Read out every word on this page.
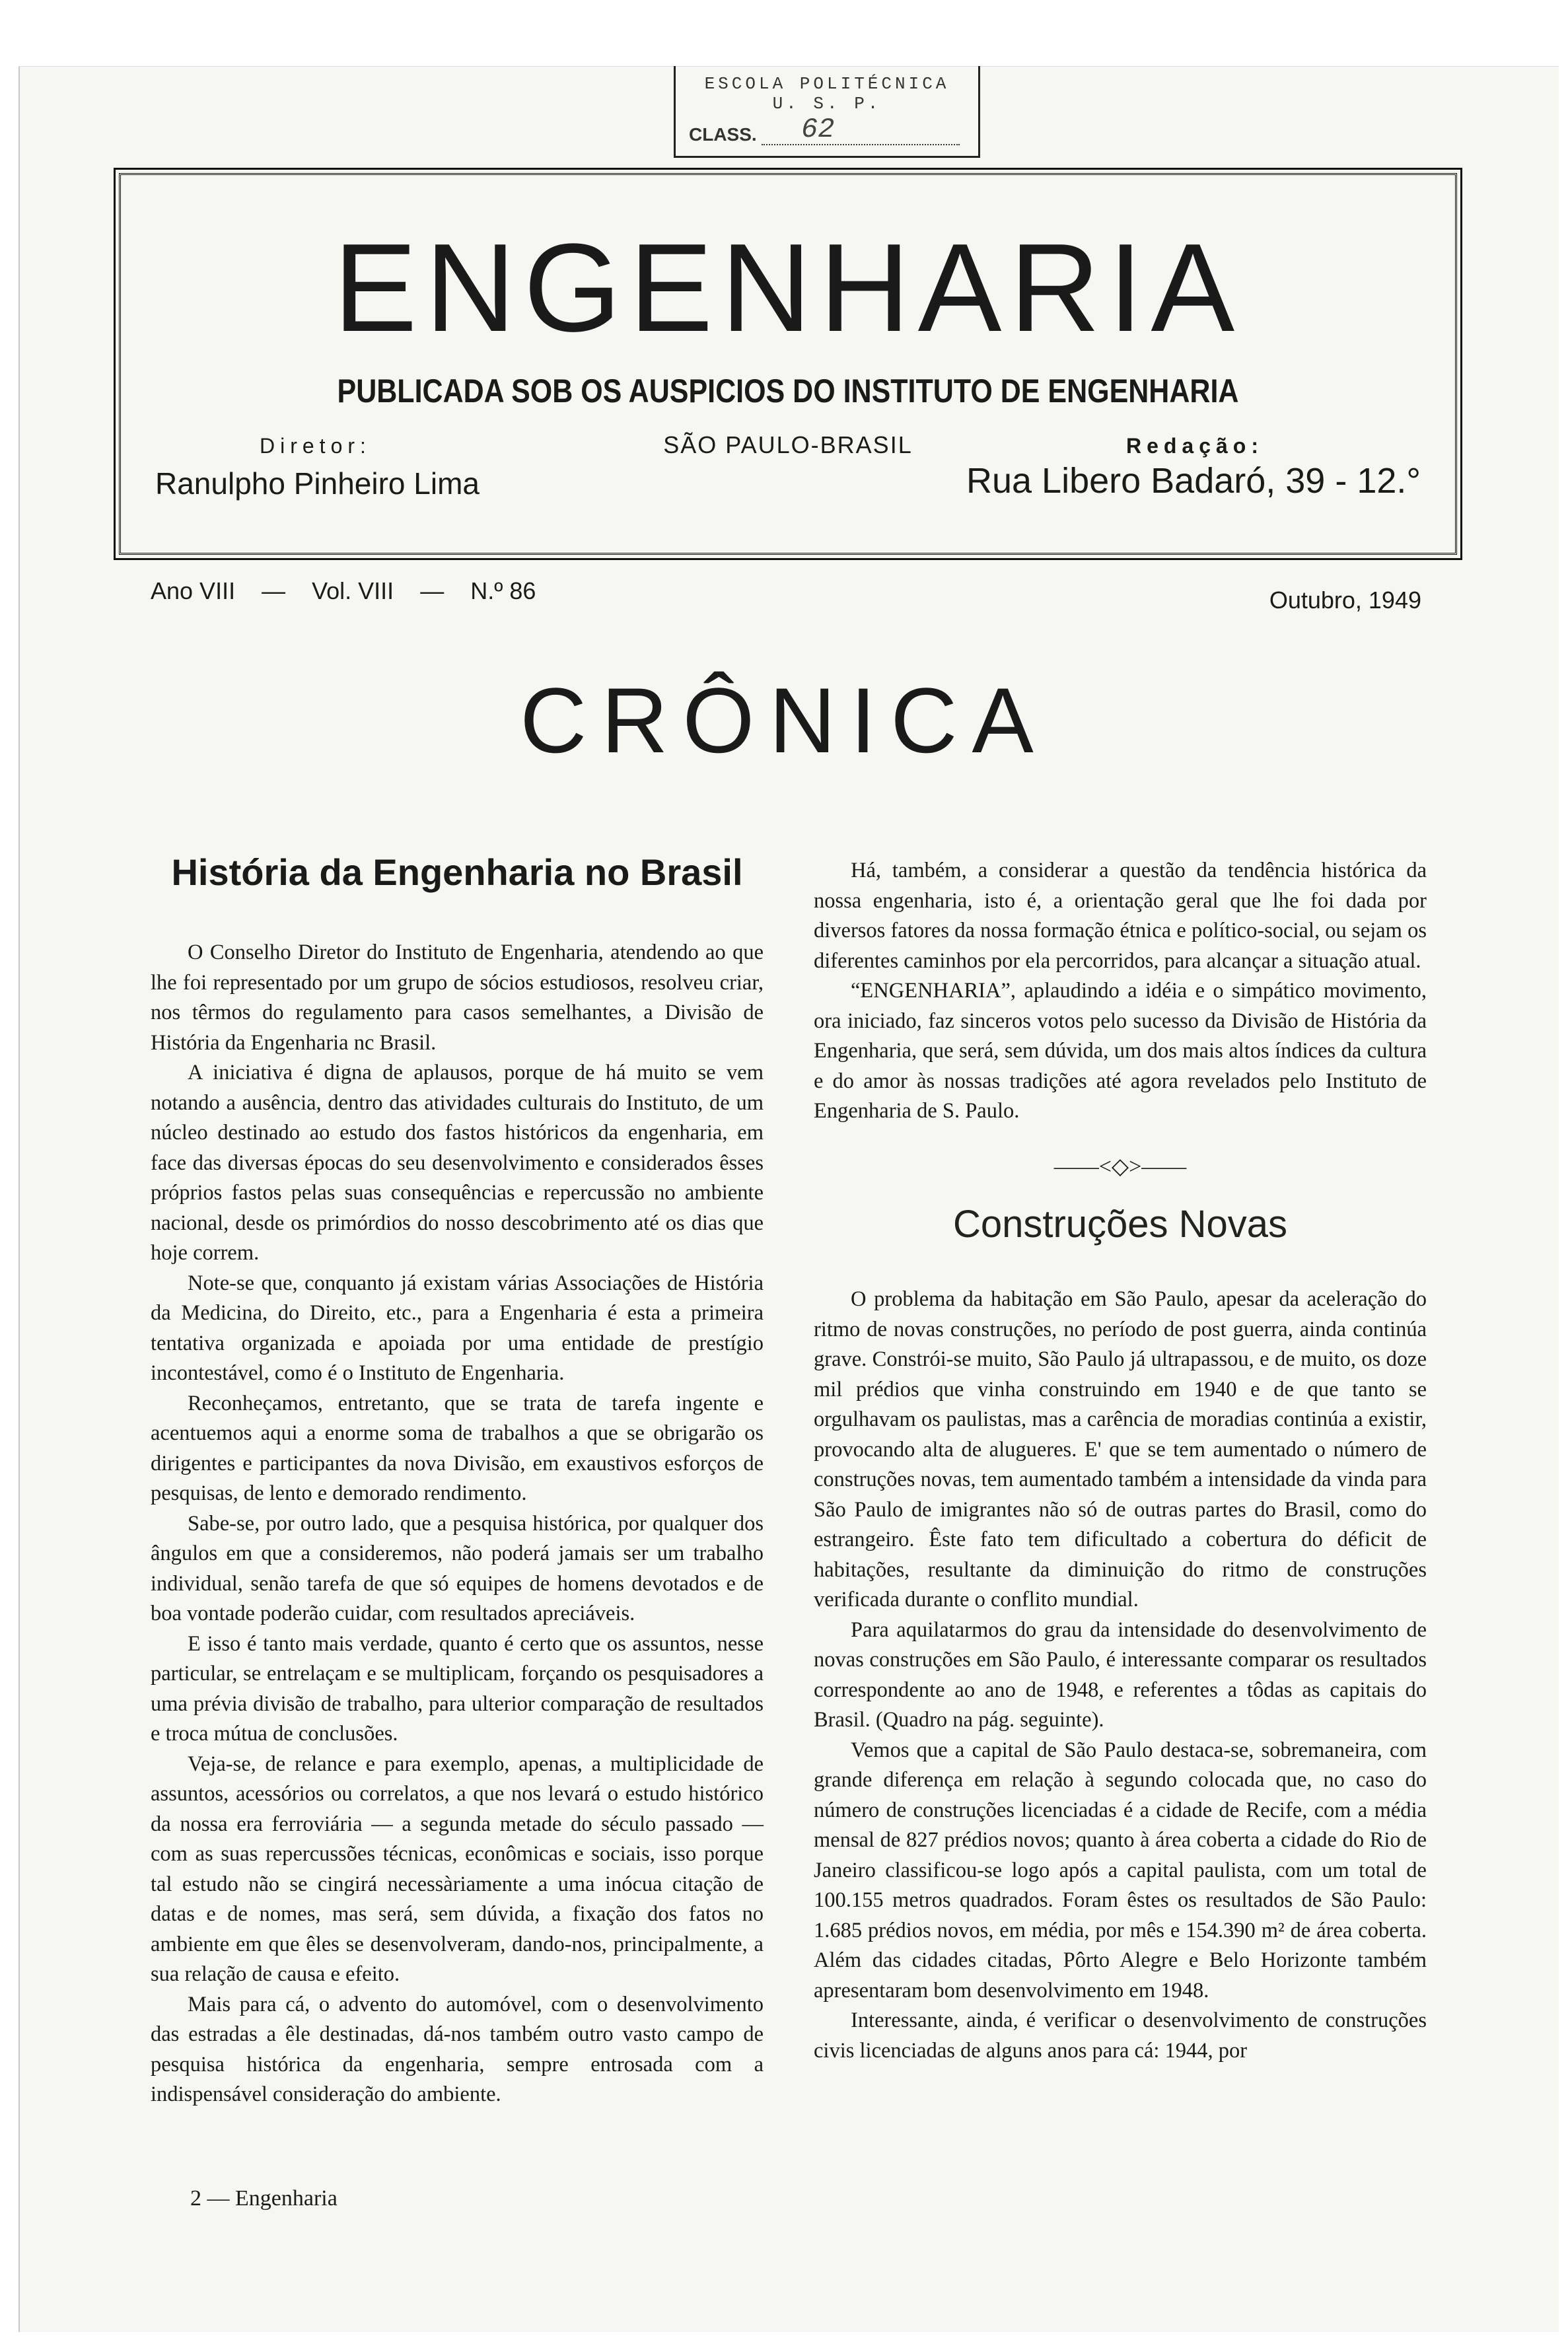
ESCOLA POLITÉCNICA
U. S. P.
CLASS. 62
ENGENHARIA
PUBLICADA SOB OS AUSPICIOS DO INSTITUTO DE ENGENHARIA
Diretor:	SÃO PAULO-BRASIL	Redação:
Ranulpho Pinheiro Lima	Rua Libero Badaró, 39 - 12.°
Ano VIII — Vol. VIII — N.º 86	Outubro, 1949
CRÔNICA
História da Engenharia no Brasil

O Conselho Diretor do Instituto de Engenharia, atendendo ao que lhe foi representado por um grupo de sócios estudiosos, resolveu criar, nos têrmos do regulamento para casos semelhantes, a Divisão de História da Engenharia nc Brasil.

A iniciativa é digna de aplausos, porque de há muito se vem notando a ausência, dentro das atividades culturais do Instituto, de um núcleo destinado ao estudo dos fastos históricos da engenharia, em face das diversas épocas do seu desenvolvimento e considerados êsses próprios fastos pelas suas consequências e repercussão no ambiente nacional, desde os primórdios do nosso descobrimento até os dias que hoje correm.

Note-se que, conquanto já existam várias Associações de História da Medicina, do Direito, etc., para a Engenharia é esta a primeira tentativa organizada e apoiada por uma entidade de prestígio incontestável, como é o Instituto de Engenharia.

Reconheçamos, entretanto, que se trata de tarefa ingente e acentuemos aqui a enorme soma de trabalhos a que se obrigarão os dirigentes e participantes da nova Divisão, em exaustivos esforços de pesquisas, de lento e demorado rendimento.

Sabe-se, por outro lado, que a pesquisa histórica, por qualquer dos ângulos em que a consideremos, não poderá jamais ser um trabalho individual, senão tarefa de que só equipes de homens devotados e de boa vontade poderão cuidar, com resultados apreciáveis.

E isso é tanto mais verdade, quanto é certo que os assuntos, nesse particular, se entrelaçam e se multiplicam, forçando os pesquisadores a uma prévia divisão de trabalho, para ulterior comparação de resultados e troca mútua de conclusões.

Veja-se, de relance e para exemplo, apenas, a multiplicidade de assuntos, acessórios ou correlatos, a que nos levará o estudo histórico da nossa era ferroviária — a segunda metade do século passado — com as suas repercussões técnicas, econômicas e sociais, isso porque tal estudo não se cingirá necessàriamente a uma inócua citação de datas e de nomes, mas será, sem dúvida, a fixação dos fatos no ambiente em que êles se desenvolveram, dando-nos, principalmente, a sua relação de causa e efeito.

Mais para cá, o advento do automóvel, com o desenvolvimento das estradas a êle destinadas, dá-nos também outro vasto campo de pesquisa histórica da engenharia, sempre entrosada com a indispensável consideração do ambiente.

Há, também, a considerar a questão da tendência histórica da nossa engenharia, isto é, a orientação geral que lhe foi dada por diversos fatores da nossa formação étnica e político-social, ou sejam os diferentes caminhos por ela percorridos, para alcançar a situação atual.

“ENGENHARIA”, aplaudindo a idéia e o simpático movimento, ora iniciado, faz sinceros votos pelo sucesso da Divisão de História da Engenharia, que será, sem dúvida, um dos mais altos índices da cultura e do amor às nossas tradições até agora revelados pelo Instituto de Engenharia de S. Paulo.

——<◇>——
Construções Novas

O problema da habitação em São Paulo, apesar da aceleração do ritmo de novas construções, no período de post guerra, ainda continúa grave. Constrói-se muito, São Paulo já ultrapassou, e de muito, os doze mil prédios que vinha construindo em 1940 e de que tanto se orgulhavam os paulistas, mas a carência de moradias continúa a existir, provocando alta de alugueres. E' que se tem aumentado o número de construções novas, tem aumentado também a intensidade da vinda para São Paulo de imigrantes não só de outras partes do Brasil, como do estrangeiro. Êste fato tem dificultado a cobertura do déficit de habitações, resultante da diminuição do ritmo de construções verificada durante o conflito mundial.

Para aquilatarmos do grau da intensidade do desenvolvimento de novas construções em São Paulo, é interessante comparar os resultados correspondente ao ano de 1948, e referentes a tôdas as capitais do Brasil. (Quadro na pág. seguinte).

Vemos que a capital de São Paulo destaca-se, sobremaneira, com grande diferença em relação à segundo colocada que, no caso do número de construções licenciadas é a cidade de Recife, com a média mensal de 827 prédios novos; quanto à área coberta a cidade do Rio de Janeiro classificou-se logo após a capital paulista, com um total de 100.155 metros quadrados. Foram êstes os resultados de São Paulo: 1.685 prédios novos, em média, por mês e 154.390 m² de área coberta. Além das cidades citadas, Pôrto Alegre e Belo Horizonte também apresentaram bom desenvolvimento em 1948.

Interessante, ainda, é verificar o desenvolvimento de construções civis licenciadas de alguns anos para cá: 1944, por

2 — Engenharia
